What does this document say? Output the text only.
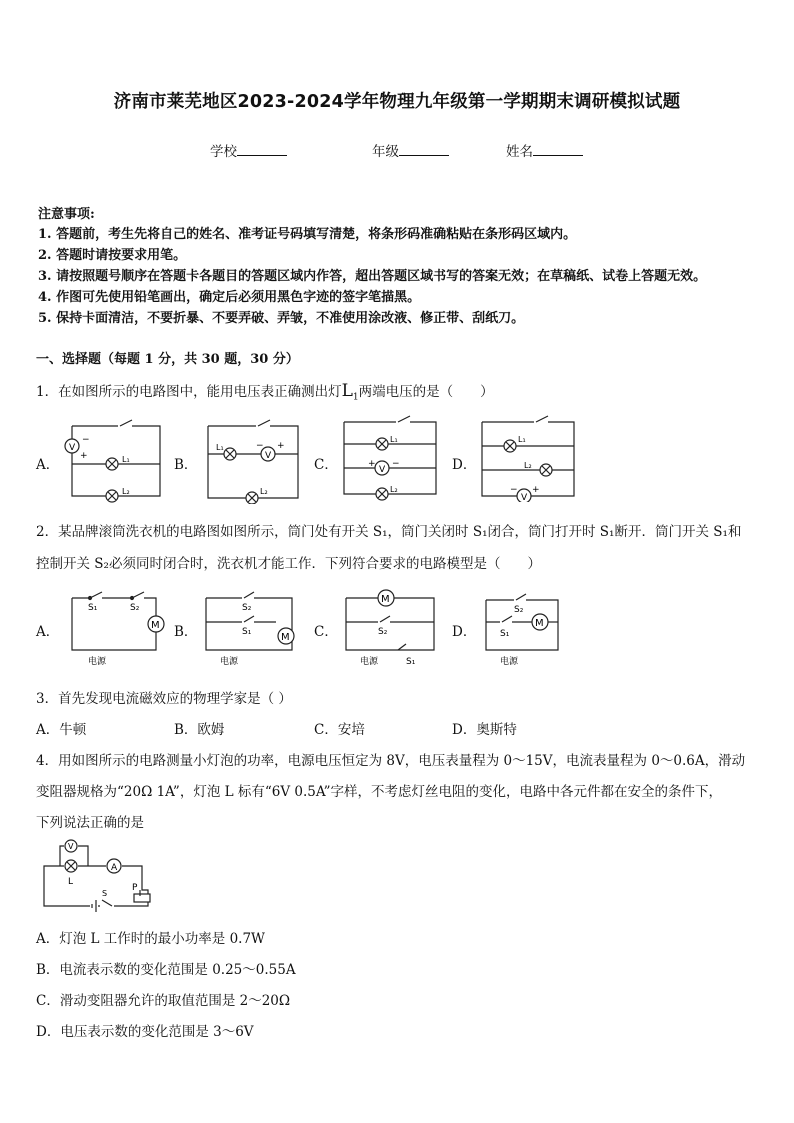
济南市莱芜地区2023-2024学年物理九年级第一学期期末调研模拟试题
学校	年级	姓名
注意事项:
1. 答题前，考生先将自己的姓名、准考证号码填写清楚，将条形码准确粘贴在条形码区域内。
2. 答题时请按要求用笔。
3. 请按照题号顺序在答题卡各题目的答题区域内作答，超出答题区域书写的答案无效；在草稿纸、试卷上答题无效。
4. 作图可先使用铅笔画出，确定后必须用黑色字迹的签字笔描黑。
5. 保持卡面清洁，不要折暴、不要弄破、弄皱，不准使用涂改液、修正带、刮纸刀。
一、选择题（每题 1 分，共 30 题，30 分）
1．在如图所示的电路图中，能用电压表正确测出灯$L_1$两端电压的是（　　）
A．	B．	C．	D．
V
−
+	L₁
L₂
L₁
V
− +
L₂
L₁
V
+ −
L₂
L₁
L₂
V
− +
2．某品牌滚筒洗衣机的电路图如图所示，筒门处有开关 S₁，筒门关闭时 S₁闭合，筒门打开时 S₁断开．筒门开关 S₁和
控制开关 S₂必须同时闭合时，洗衣机才能工作．下列符合要求的电路模型是（　　）
A．	B．	C．	D．
M
S₁	S₂
电源
M
S₂
S₁
电源
M
S₂
电源	S₁
M
S₂
S₁
电源
3．首先发现电流磁效应的物理学家是（ ）
A．牛顿	B．欧姆	C．安培	D．奥斯特
4．用如图所示的电路测量小灯泡的功率，电源电压恒定为 8V，电压表量程为 0～15V，电流表量程为 0～0.6A，滑动
变阻器规格为“20Ω 1A”，灯泡 L 标有“6V 0.5A”字样，不考虑灯丝电阻的变化，电路中各元件都在安全的条件下，
下列说法正确的是
V
A
L
S
P
A．灯泡 L 工作时的最小功率是 0.7W
B．电流表示数的变化范围是 0.25～0.55A
C．滑动变阻器允许的取值范围是 2～20Ω
D．电压表示数的变化范围是 3～6V
